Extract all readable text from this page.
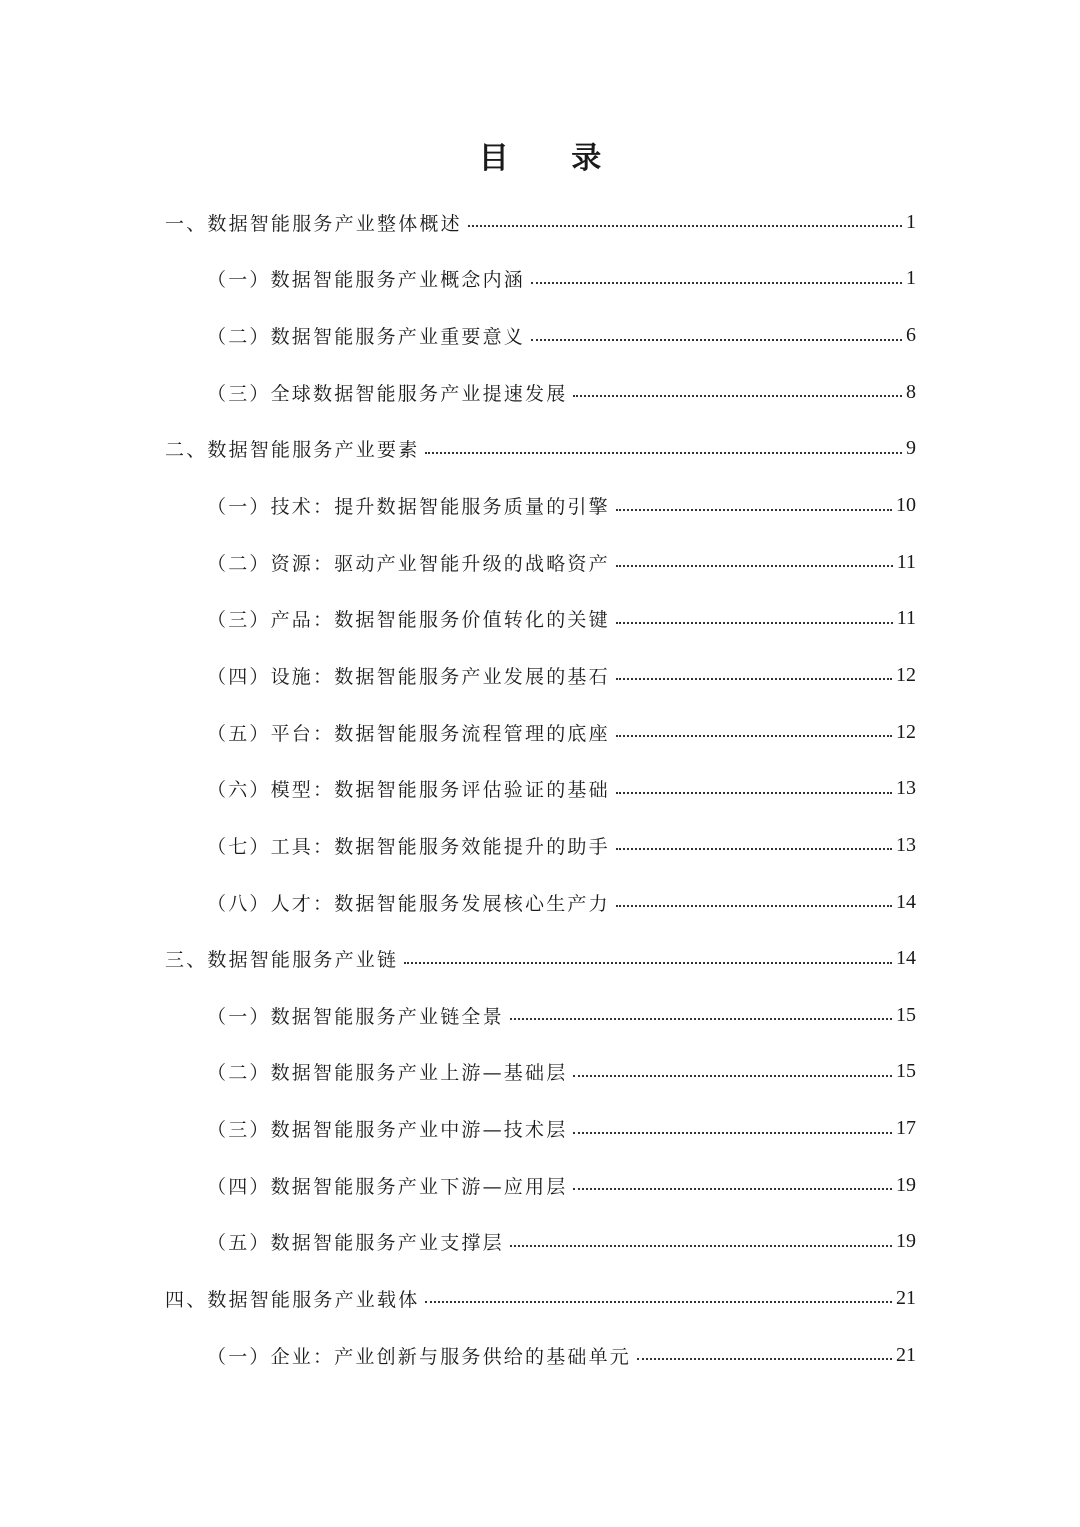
目 录
一、数据智能服务产业整体概述	1
（一）数据智能服务产业概念内涵	1
（二）数据智能服务产业重要意义	6
（三）全球数据智能服务产业提速发展	8
二、数据智能服务产业要素	9
（一）技术：提升数据智能服务质量的引擎	10
（二）资源：驱动产业智能升级的战略资产	11
（三）产品：数据智能服务价值转化的关键	11
（四）设施：数据智能服务产业发展的基石	12
（五）平台：数据智能服务流程管理的底座	12
（六）模型：数据智能服务评估验证的基础	13
（七）工具：数据智能服务效能提升的助手	13
（八）人才：数据智能服务发展核心生产力	14
三、数据智能服务产业链	14
（一）数据智能服务产业链全景	15
（二）数据智能服务产业上游—基础层	15
（三）数据智能服务产业中游—技术层	17
（四）数据智能服务产业下游—应用层	19
（五）数据智能服务产业支撑层	19
四、数据智能服务产业载体	21
（一）企业：产业创新与服务供给的基础单元	21
